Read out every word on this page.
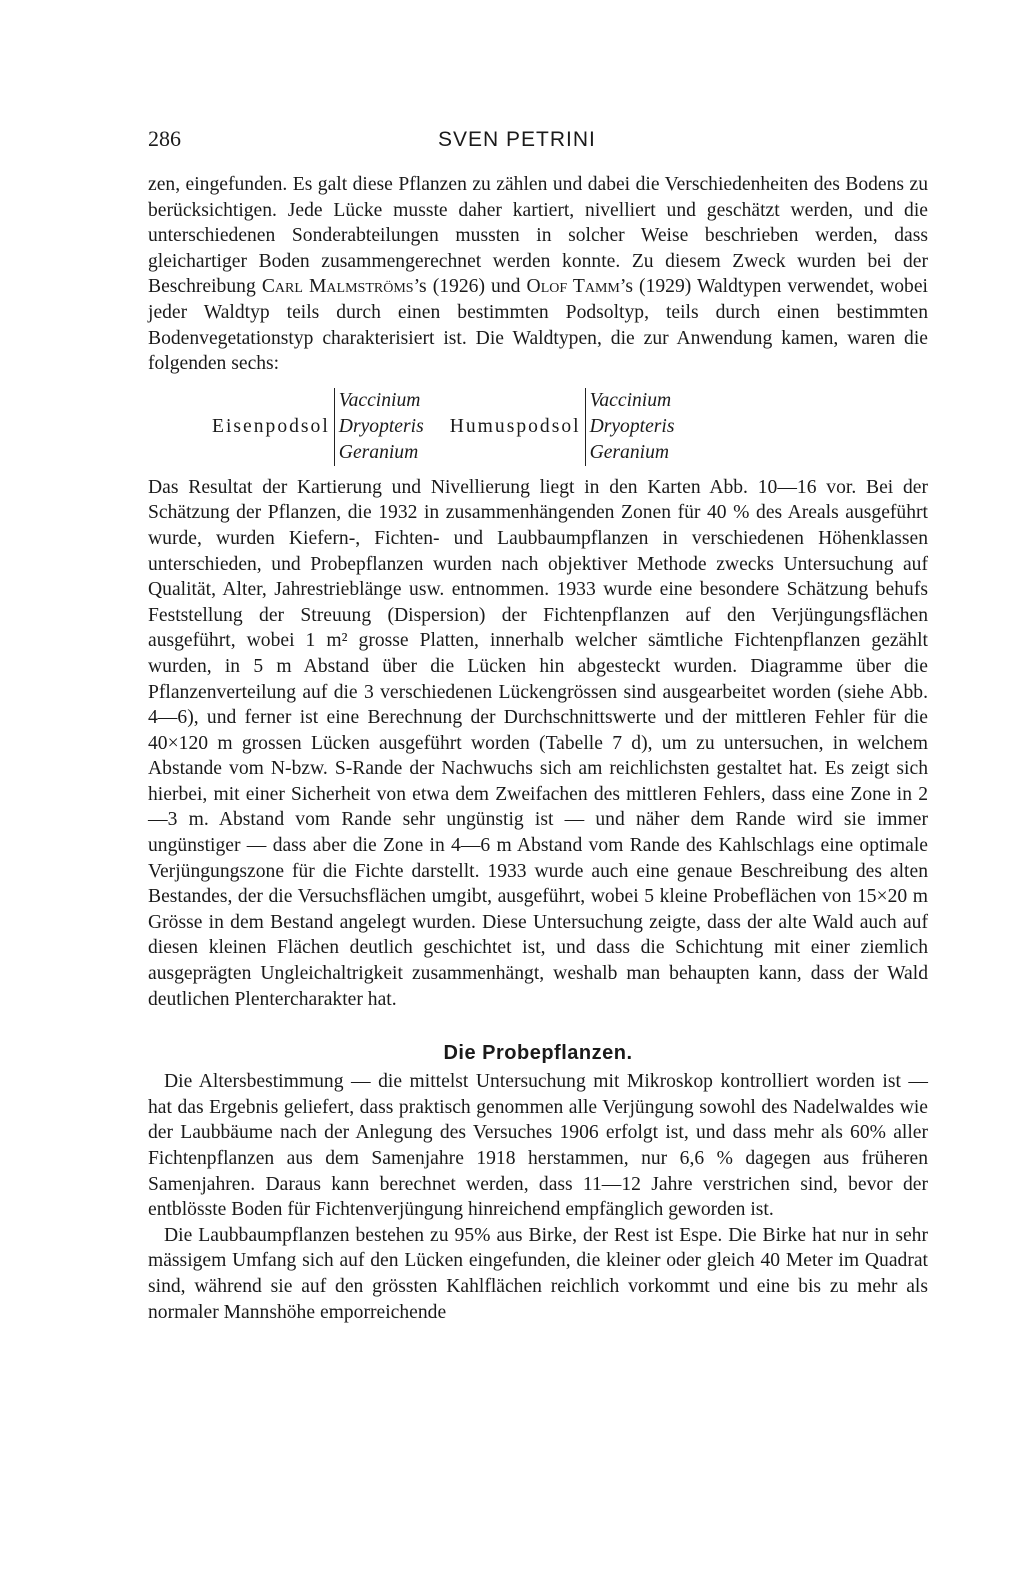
286	SVEN PETRINI

zen, eingefunden. Es galt diese Pflanzen zu zählen und dabei die Verschiedenheiten des Bodens zu berücksichtigen. Jede Lücke musste daher kartiert, nivelliert und geschätzt werden, und die unterschiedenen Sonderabteilungen mussten in solcher Weise beschrieben werden, dass gleichartiger Boden zusammengerechnet werden konnte. Zu diesem Zweck wurden bei der Beschreibung Carl Malmströms’s (1926) und Olof Tamm’s (1929) Waldtypen verwendet, wobei jeder Waldtyp teils durch einen bestimmten Podsoltyp, teils durch einen bestimmten Bodenvegetationstyp charakterisiert ist. Die Waldtypen, die zur Anwendung kamen, waren die folgenden sechs:

Eisenpodsol
Vaccinium
Dryopteris
Geranium
Humuspodsol
Vaccinium
Dryopteris
Geranium

Das Resultat der Kartierung und Nivellierung liegt in den Karten Abb. 10—16 vor. Bei der Schätzung der Pflanzen, die 1932 in zusammenhängenden Zonen für 40 % des Areals ausgeführt wurde, wurden Kiefern-, Fichten- und Laubbaumpflanzen in verschiedenen Höhenklassen unterschieden, und Probepflanzen wurden nach objektiver Methode zwecks Untersuchung auf Qualität, Alter, Jahrestrieblänge usw. entnommen. 1933 wurde eine besondere Schätzung behufs Feststellung der Streuung (Dispersion) der Fichtenpflanzen auf den Verjüngungsflächen ausgeführt, wobei 1 m² grosse Platten, innerhalb welcher sämtliche Fichtenpflanzen gezählt wurden, in 5 m Abstand über die Lücken hin abgesteckt wurden. Diagramme über die Pflanzenverteilung auf die 3 verschiedenen Lückengrössen sind ausgearbeitet worden (siehe Abb. 4—6), und ferner ist eine Berechnung der Durchschnittswerte und der mittleren Fehler für die 40×120 m grossen Lücken ausgeführt worden (Tabelle 7 d), um zu untersuchen, in welchem Abstande vom N-bzw. S-Rande der Nachwuchs sich am reichlichsten gestaltet hat. Es zeigt sich hierbei, mit einer Sicherheit von etwa dem Zweifachen des mittleren Fehlers, dass eine Zone in 2—3 m. Abstand vom Rande sehr ungünstig ist — und näher dem Rande wird sie immer ungünstiger — dass aber die Zone in 4—6 m Abstand vom Rande des Kahlschlags eine optimale Verjüngungszone für die Fichte darstellt. 1933 wurde auch eine genaue Beschreibung des alten Bestandes, der die Versuchsflächen umgibt, ausgeführt, wobei 5 kleine Probeflächen von 15×20 m Grösse in dem Bestand angelegt wurden. Diese Untersuchung zeigte, dass der alte Wald auch auf diesen kleinen Flächen deutlich geschichtet ist, und dass die Schichtung mit einer ziemlich ausgeprägten Ungleichaltrigkeit zusammenhängt, weshalb man behaupten kann, dass der Wald deutlichen Plentercharakter hat.

Die Probepflanzen.

Die Altersbestimmung — die mittelst Untersuchung mit Mikroskop kontrolliert worden ist — hat das Ergebnis geliefert, dass praktisch genommen alle Verjüngung sowohl des Nadelwaldes wie der Laubbäume nach der Anlegung des Versuches 1906 erfolgt ist, und dass mehr als 60% aller Fichtenpflanzen aus dem Samenjahre 1918 herstammen, nur 6,6 % dagegen aus früheren Samenjahren. Daraus kann berechnet werden, dass 11—12 Jahre verstrichen sind, bevor der entblösste Boden für Fichtenverjüngung hinreichend empfänglich geworden ist.

Die Laubbaumpflanzen bestehen zu 95% aus Birke, der Rest ist Espe. Die Birke hat nur in sehr mässigem Umfang sich auf den Lücken eingefunden, die kleiner oder gleich 40 Meter im Quadrat sind, während sie auf den grössten Kahlflächen reichlich vorkommt und eine bis zu mehr als normaler Mannshöhe emporreichende
